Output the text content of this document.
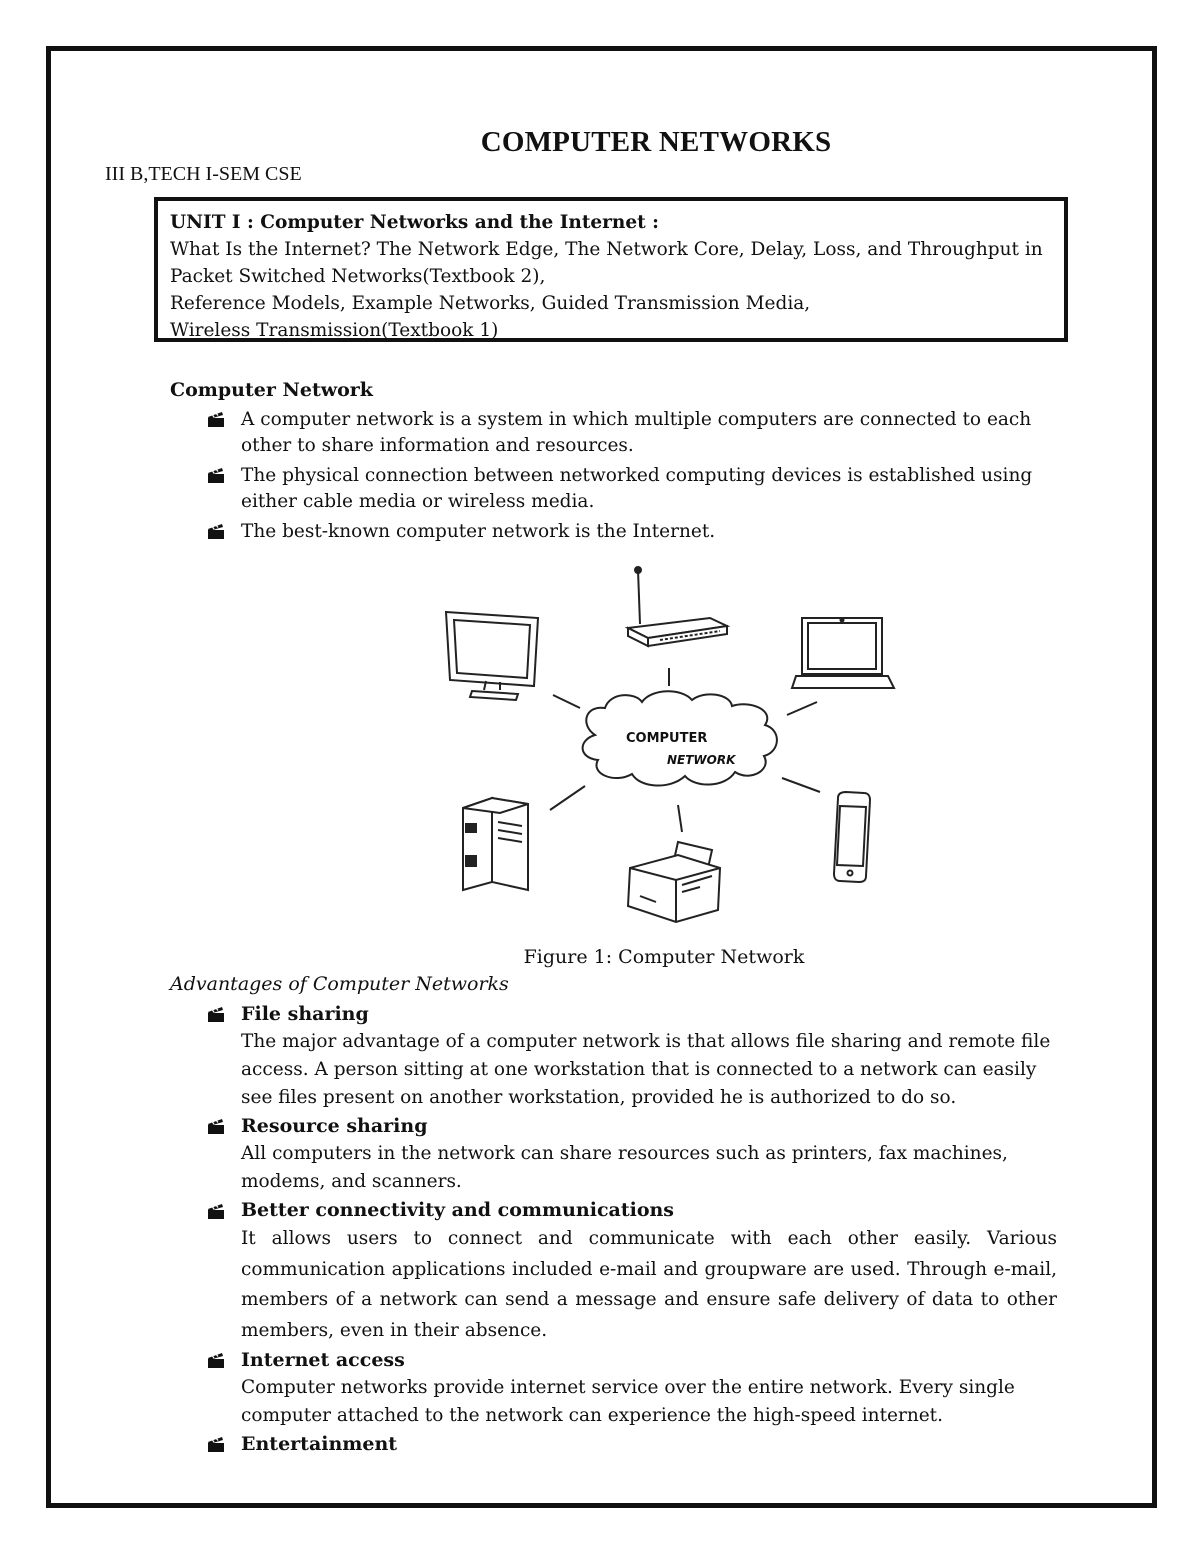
COMPUTER NETWORKS
III B,TECH I-SEM CSE
UNIT I : Computer Networks and the Internet :
What Is the Internet? The Network Edge, The Network Core, Delay, Loss, and Throughput in
Packet Switched Networks(Textbook 2),
Reference Models, Example Networks, Guided Transmission Media,
Wireless Transmission(Textbook 1)
Computer Network
A computer network is a system in which multiple computers are connected to each other to share information and resources.
The physical connection between networked computing devices is established using either cable media or wireless media.
The best-known computer network is the Internet.
COMPUTER
NETWORK
Figure 1: Computer Network
Advantages of Computer Networks
File sharing
The major advantage of a computer network is that allows file sharing and remote file access. A person sitting at one workstation that is connected to a network can easily see files present on another workstation, provided he is authorized to do so.
Resource sharing
All computers in the network can share resources such as printers, fax machines, modems, and scanners.
Better connectivity and communications
It allows users to connect and communicate with each other easily. Various communication applications included e-mail and groupware are used. Through e-mail, members of a network can send a message and ensure safe delivery of data to other members, even in their absence.
Internet access
Computer networks provide internet service over the entire network. Every single computer attached to the network can experience the high-speed internet.
Entertainment
